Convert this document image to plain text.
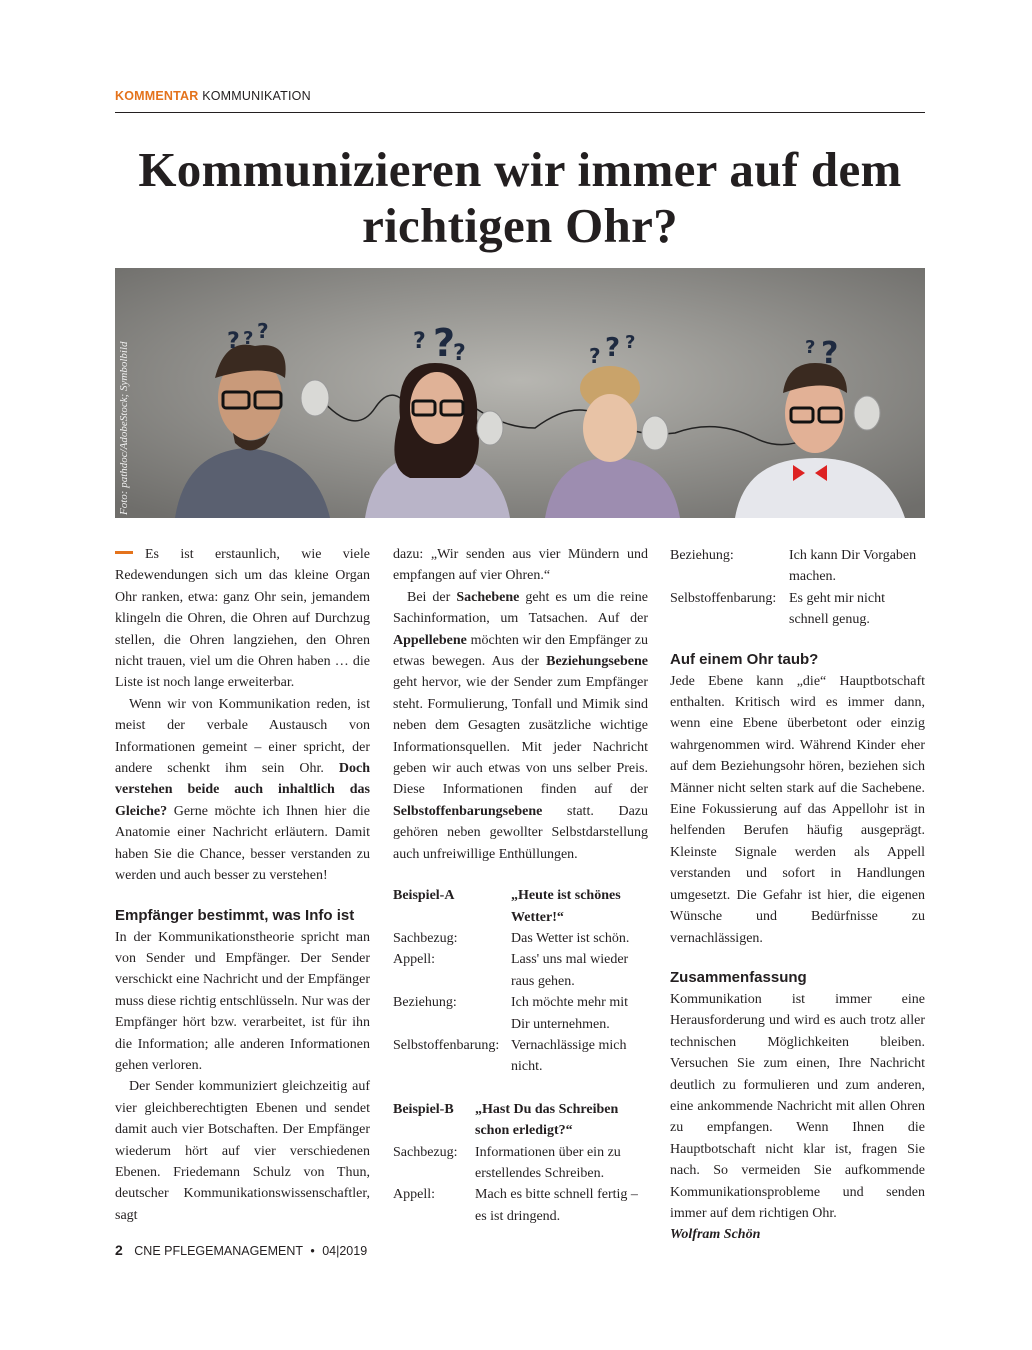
KOMMENTAR KOMMUNIKATION
Kommunizieren wir immer auf dem richtigen Ohr?
? ? ?	? ?
?	? ? ?	? ?
Foto: pathdoc/AdobeStock; Symbolbild

Es ist erstaunlich, wie viele Redewendungen sich um das kleine Organ Ohr ranken, etwa: ganz Ohr sein, jemandem klingeln die Ohren, die Ohren auf Durchzug stellen, die Ohren langziehen, den Ohren nicht trauen, viel um die Ohren haben … die Liste ist noch lange erweiterbar.

Wenn wir von Kommunikation reden, ist meist der verbale Austausch von Informationen gemeint – einer spricht, der andere schenkt ihm sein Ohr. Doch verstehen beide auch inhaltlich das Gleiche? Gerne möchte ich Ihnen hier die Anatomie einer Nachricht erläutern. Damit haben Sie die Chance, besser verstanden zu werden und auch besser zu verstehen!

Empfänger bestimmt, was Info ist

In der Kommunikationstheorie spricht man von Sender und Empfänger. Der Sender verschickt eine Nachricht und der Empfänger muss diese richtig entschlüsseln. Nur was der Empfänger hört bzw. verarbeitet, ist für ihn die Information; alle anderen Informationen gehen verloren.

Der Sender kommuniziert gleichzeitig auf vier gleichberechtigten Ebenen und sendet damit auch vier Botschaften. Der Empfänger wiederum hört auf vier verschiedenen Ebenen. Friedemann Schulz von Thun, deutscher Kommunikationswissenschaftler, sagt

dazu: „Wir senden aus vier Mündern und empfangen auf vier Ohren.“

Bei der Sachebene geht es um die reine Sachinformation, um Tatsachen. Auf der Appellebene möchten wir den Empfänger zu etwas bewegen. Aus der Beziehungsebene geht hervor, wie der Sender zum Empfänger steht. Formulierung, Tonfall und Mimik sind neben dem Gesagten zusätzliche wichtige Informationsquellen. Mit jeder Nachricht geben wir auch etwas von uns selber Preis. Diese Informationen finden auf der Selbstoffenbarungsebene statt. Dazu gehören neben gewollter Selbstdarstellung auch unfreiwillige Enthüllungen.

Beispiel-A	„Heute ist schönes Wetter!“
Sachbezug:	Das Wetter ist schön.
Appell:	Lass' uns mal wieder raus gehen.
Beziehung:	Ich möchte mehr mit Dir unternehmen.
Selbstoffenbarung: Vernachlässige mich nicht.
Beispiel-B	„Hast Du das Schreiben schon erledigt?“
Sachbezug:	Informationen über ein zu erstellendes Schreiben.
Appell:	Mach es bitte schnell fertig – es ist dringend.
Beziehung:	Ich kann Dir Vorgaben machen.
Selbstoffenbarung: Es geht mir nicht schnell genug.
Auf einem Ohr taub?

Jede Ebene kann „die“ Hauptbotschaft enthalten. Kritisch wird es immer dann, wenn eine Ebene überbetont oder einzig wahrgenommen wird. Während Kinder eher auf dem Beziehungsohr hören, beziehen sich Männer nicht selten stark auf die Sachebene. Eine Fokussierung auf das Appellohr ist in helfenden Berufen häufig ausgeprägt. Kleinste Signale werden als Appell verstanden und sofort in Handlungen umgesetzt. Die Gefahr ist hier, die eigenen Wünsche und Bedürfnisse zu vernachlässigen.

Zusammenfassung

Kommunikation ist immer eine Herausforderung und wird es auch trotz aller technischen Möglichkeiten bleiben. Versuchen Sie zum einen, Ihre Nachricht deutlich zu formulieren und zum anderen, eine ankommende Nachricht mit allen Ohren zu empfangen. Wenn Ihnen die Hauptbotschaft nicht klar ist, fragen Sie nach. So vermeiden Sie aufkommende Kommunikationsprobleme und senden immer auf dem richtigen Ohr.

Wolfram Schön

2 CNE PFLEGEMANAGEMENT • 04|2019
